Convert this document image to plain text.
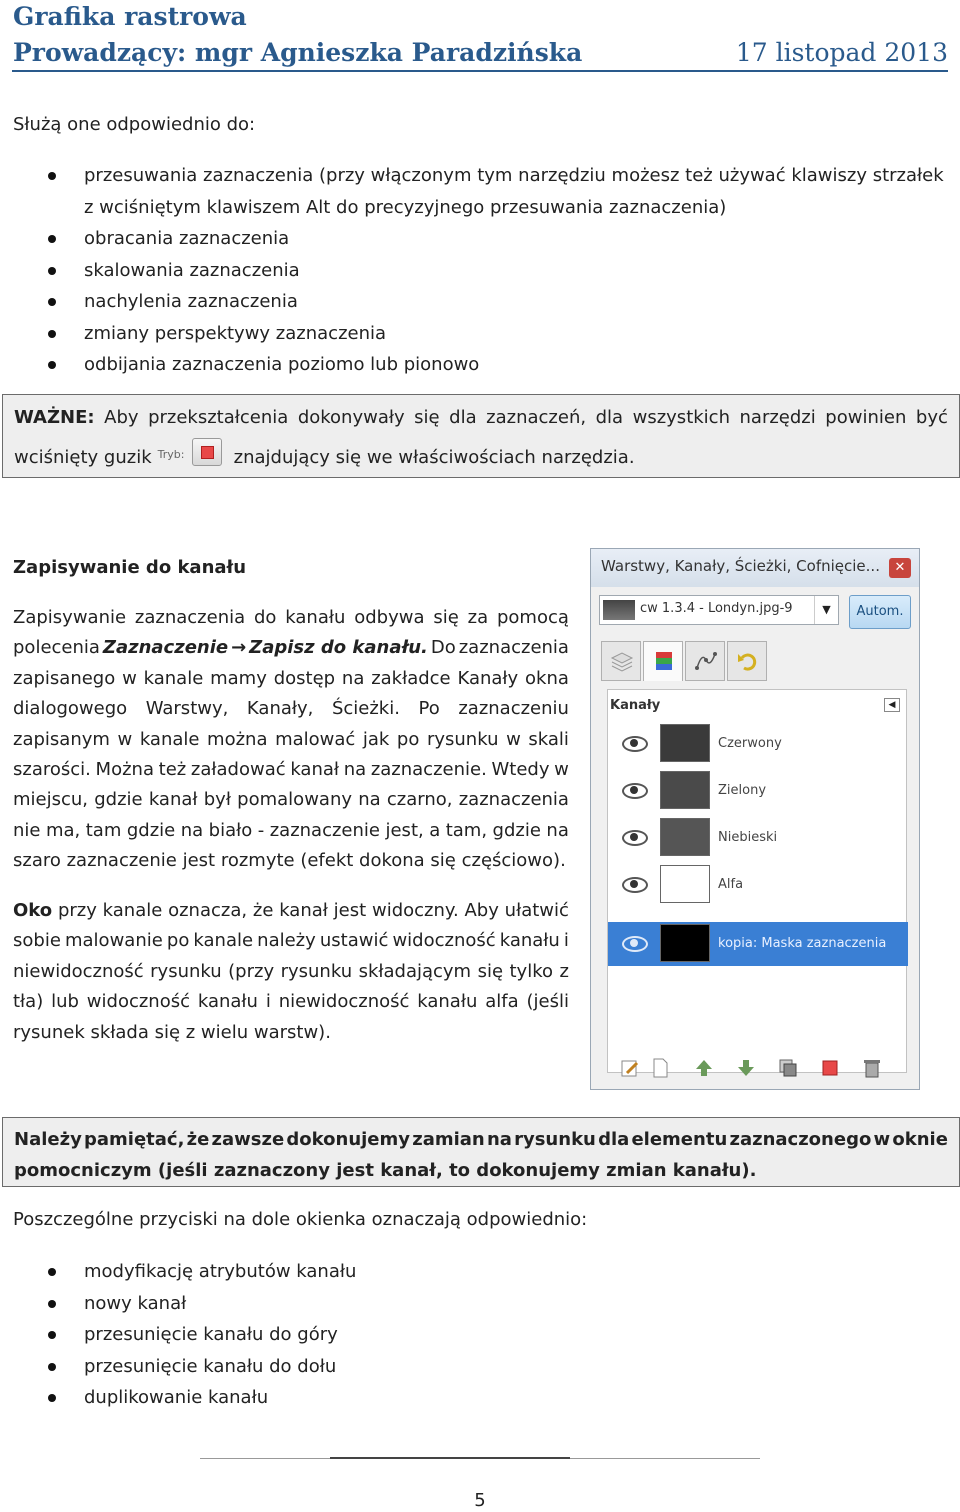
Grafika rastrowa
Prowadzący: mgr Agnieszka Paradzińska	17 listopad 2013
Służą one odpowiednio do:
przesuwania zaznaczenia (przy włączonym tym narzędziu możesz też używać klawiszy strzałek z wciśniętym klawiszem Alt do precyzyjnego przesuwania zaznaczenia)
obracania zaznaczenia
skalowania zaznaczenia
nachylenia zaznaczenia
zmiany perspektywy zaznaczenia
odbijania zaznaczenia poziomo lub pionowo
WAŻNE: Aby przekształcenia dokonywały się dla zaznaczeń, dla wszystkich narzędzi powinien być
wciśnięty guzik Tryb:	znajdujący się we właściwościach narzędzia.
Zapisywanie do kanału
Zapisywanie zaznaczenia do kanału odbywa się za pomocą
polecenia Zaznaczenie → Zapisz do kanału. Do zaznaczenia
zapisanego w kanale mamy dostęp na zakładce Kanały okna
dialogowego Warstwy, Kanały, Ścieżki. Po zaznaczeniu
zapisanym w kanale można malować jak po rysunku w skali
szarości. Można też załadować kanał na zaznaczenie. Wtedy w
miejscu, gdzie kanał był pomalowany na czarno, zaznaczenia
nie ma, tam gdzie na biało - zaznaczenie jest, a tam, gdzie na
szaro zaznaczenie jest rozmyte (efekt dokona się częściowo).
Oko przy kanale oznacza, że kanał jest widoczny. Aby ułatwić
sobie malowanie po kanale należy ustawić widoczność kanału i
niewidoczność rysunku (przy rysunku składającym się tylko z
tła) lub widoczność kanału i niewidoczność kanału alfa (jeśli
rysunek składa się z wielu warstw).
Warstwy, Kanały, Ścieżki, Cofnięcie...	✕
cw 1.3.4 - Londyn.jpg-9	▼	Autom.
Kanały	◀
Czerwony
Zielony
Niebieski
Alfa
kopia: Maska zaznaczenia
Należy pamiętać, że zawsze dokonujemy zamian na rysunku dla elementu zaznaczonego w oknie
pomocniczym (jeśli zaznaczony jest kanał, to dokonujemy zmian kanału).
Poszczególne przyciski na dole okienka oznaczają odpowiednio:
modyfikację atrybutów kanału
nowy kanał
przesunięcie kanału do góry
przesunięcie kanału do dołu
duplikowanie kanału
5
